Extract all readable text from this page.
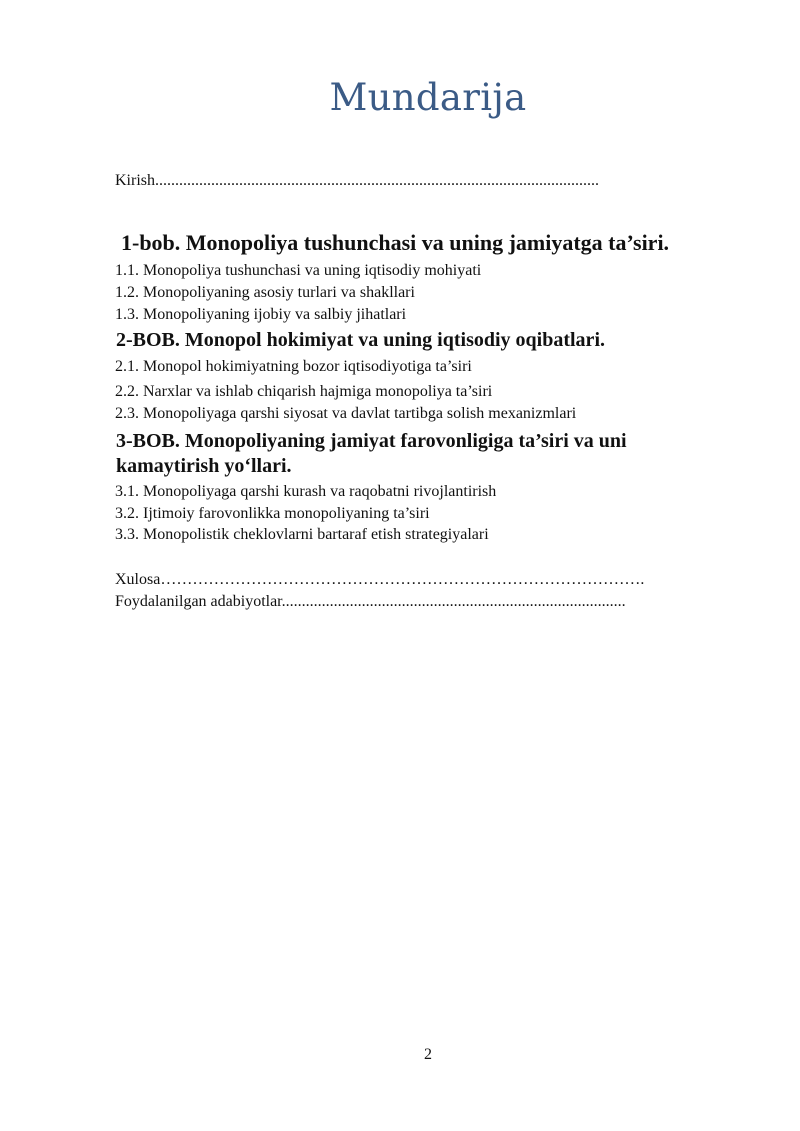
Mundarija

Kirish...............................................................................................................

1-bob. Monopoliya tushunchasi va uning jamiyatga ta’siri.

1.1. Monopoliya tushunchasi va uning iqtisodiy mohiyati

1.2. Monopoliyaning asosiy turlari va shakllari

1.3. Monopoliyaning ijobiy va salbiy jihatlari

2-BOB. Monopol hokimiyat va uning iqtisodiy oqibatlari.

2.1. Monopol hokimiyatning bozor iqtisodiyotiga ta’siri

2.2. Narxlar va ishlab chiqarish hajmiga monopoliya ta’siri

2.3. Monopoliyaga qarshi siyosat va davlat tartibga solish mexanizmlari

3-BOB. Monopoliyaning jamiyat farovonligiga ta’siri va uni

kamaytirish yo‘llari.

3.1. Monopoliyaga qarshi kurash va raqobatni rivojlantirish

3.2. Ijtimoiy farovonlikka monopoliyaning ta’siri

3.3. Monopolistik cheklovlarni bartaraf etish strategiyalari

Xulosa……………………………………………………………………………….

Foydalanilgan adabiyotlar......................................................................................

2
